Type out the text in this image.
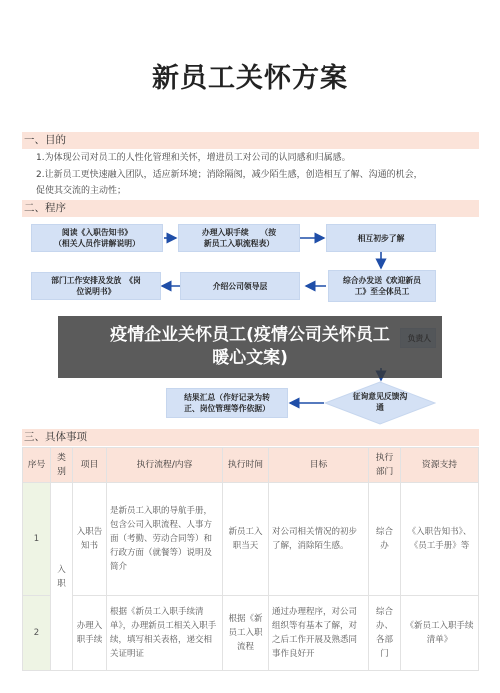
新员工关怀方案
一、目的
1.为体现公司对员工的人性化管理和关怀，增进员工对公司的认同感和归属感。
2.让新员工更快速融入团队，适应新环境；消除隔阂，减少陌生感，创造相互了解、沟通的机会，
促使其交流的主动性；
二、程序
阅读《入职告知书》
（相关人员作讲解说明）
办理入职手续　　（按
新员工入职流程表）
相互初步了解
部门工作安排及发放　《岗
位说明书》
介绍公司领导层
综合办发送《欢迎新员
工》至全体员工
结果汇总（作好记录为转
正、岗位管理等作依据）
征询意见反馈沟
通
疫情企业关怀员工(疫情公司关怀员工
暖心文案)
三、具体事项
序号	类别	项目	执行流程/内容	执行时间	目标	执行部门	资源支持
1	入职	入职告知书	是新员工入职的导航手册，包含公司入职流程、人事方面（考勤、劳动合同等）和行政方面（就餐等）说明及简介	新员工入职当天	对公司相关情况的初步了解，消除陌生感。	综合办	《入职告知书》、《员工手册》等
2		办理入职手续	根据《新员工入职手续清单》，办理新员工相关入职手续，填写相关表格，递交相关证明证	根据《新员工入职流程	通过办理程序，对公司组织等有基本了解，对之后工作开展及熟悉同事作良好开	综合办、各部门	《新员工入职手续清单》
